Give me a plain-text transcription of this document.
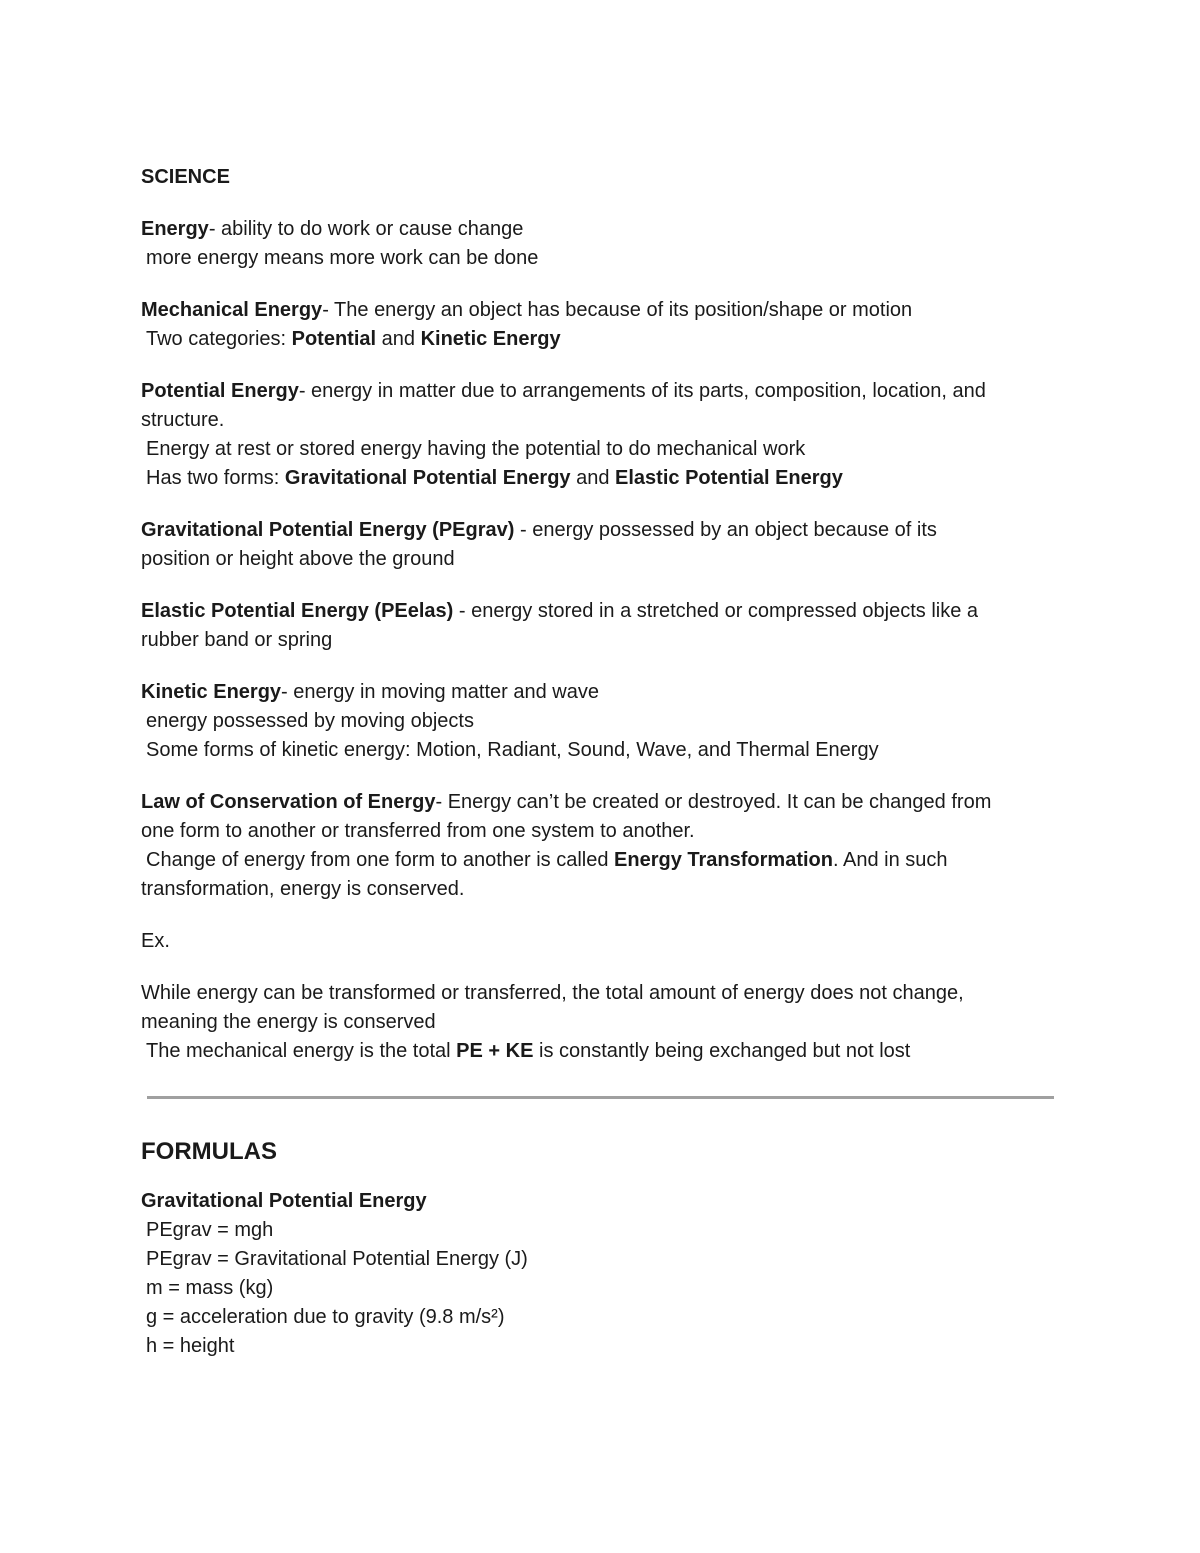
SCIENCE

Energy- ability to do work or cause change

more energy means more work can be done

Mechanical Energy- The energy an object has because of its position/shape or motion

Two categories: Potential and Kinetic Energy

Potential Energy- energy in matter due to arrangements of its parts, composition, location, and

structure.

Energy at rest or stored energy having the potential to do mechanical work

Has two forms: Gravitational Potential Energy and Elastic Potential Energy

Gravitational Potential Energy (PEgrav) - energy possessed by an object because of its

position or height above the ground

Elastic Potential Energy (PEelas) - energy stored in a stretched or compressed objects like a

rubber band or spring

Kinetic Energy- energy in moving matter and wave

energy possessed by moving objects

Some forms of kinetic energy: Motion, Radiant, Sound, Wave, and Thermal Energy

Law of Conservation of Energy- Energy can’t be created or destroyed. It can be changed from

one form to another or transferred from one system to another.

Change of energy from one form to another is called Energy Transformation. And in such

transformation, energy is conserved.

Ex.

While energy can be transformed or transferred, the total amount of energy does not change,

meaning the energy is conserved

The mechanical energy is the total PE + KE is constantly being exchanged but not lost

FORMULAS

Gravitational Potential Energy

PEgrav = mgh

PEgrav = Gravitational Potential Energy (J)

m = mass (kg)

g = acceleration due to gravity (9.8 m/s²)

h = height
